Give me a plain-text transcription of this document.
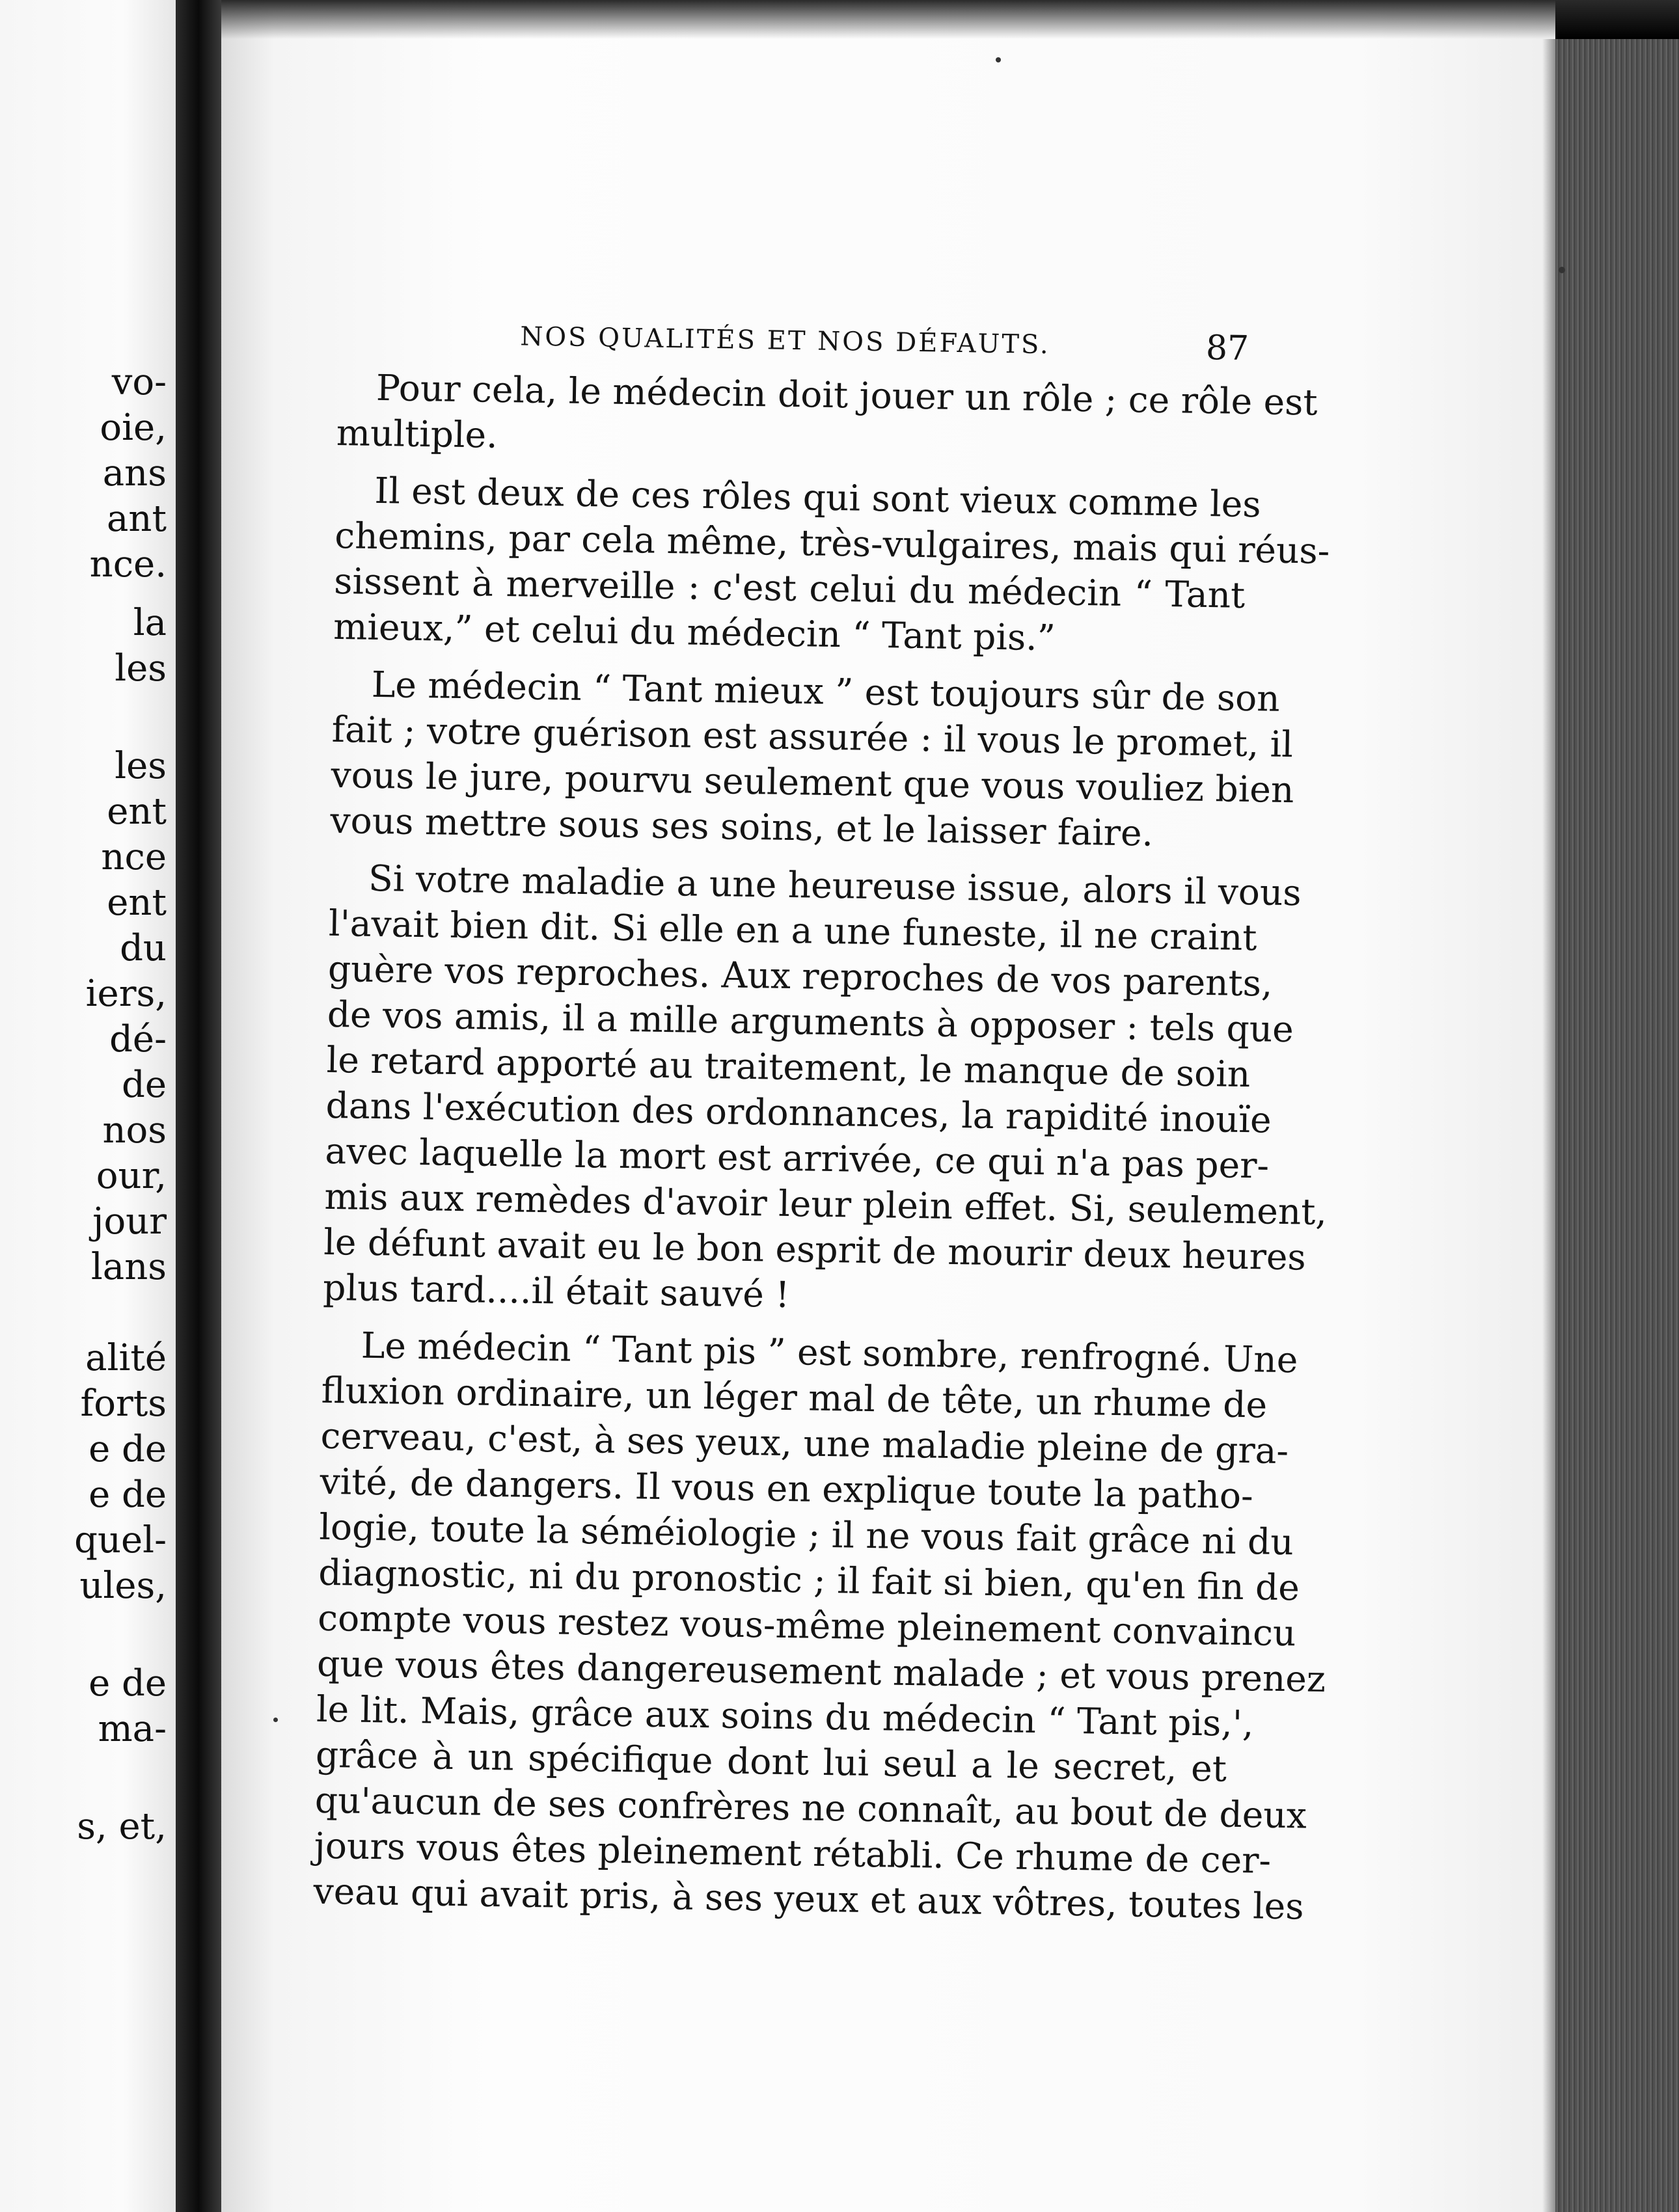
vo-
oie,
ans
ant
nce.
la
les
les
ent
nce
ent
du
iers,
dé-
de
nos
our,
jour
lans
alité
forts
e de
e de
quel-
ules,
e de
ma-
s, et,
NOS QUALITÉS ET NOS DÉFAUTS.	87
Pour cela, le médecin doit jouer un rôle ; ce rôle est
multiple.
Il est deux de ces rôles qui sont vieux comme les
chemins, par cela même, très-vulgaires, mais qui réus-
sissent à merveille : c'est celui du médecin “ Tant
mieux,” et celui du médecin “ Tant pis.”
Le médecin “ Tant mieux ” est toujours sûr de son
fait ; votre guérison est assurée : il vous le promet, il
vous le jure, pourvu seulement que vous vouliez bien
vous mettre sous ses soins, et le laisser faire.
Si votre maladie a une heureuse issue, alors il vous
l'avait bien dit. Si elle en a une funeste, il ne craint
guère vos reproches. Aux reproches de vos parents,
de vos amis, il a mille arguments à opposer : tels que
le retard apporté au traitement, le manque de soin
dans l'exécution des ordonnances, la rapidité inouïe
avec laquelle la mort est arrivée, ce qui n'a pas per-
mis aux remèdes d'avoir leur plein effet. Si, seulement,
le défunt avait eu le bon esprit de mourir deux heures
plus tard....il était sauvé !
Le médecin “ Tant pis ” est sombre, renfrogné. Une
fluxion ordinaire, un léger mal de tête, un rhume de
cerveau, c'est, à ses yeux, une maladie pleine de gra-
vité, de dangers. Il vous en explique toute la patho-
logie, toute la séméiologie ; il ne vous fait grâce ni du
diagnostic, ni du pronostic ; il fait si bien, qu'en fin de
compte vous restez vous-même pleinement convaincu
que vous êtes dangereusement malade ; et vous prenez
le lit. Mais, grâce aux soins du médecin “ Tant pis,',
grâce à un spécifique dont lui seul a le secret, et
qu'aucun de ses confrères ne connaît, au bout de deux
jours vous êtes pleinement rétabli. Ce rhume de cer-
veau qui avait pris, à ses yeux et aux vôtres, toutes les
